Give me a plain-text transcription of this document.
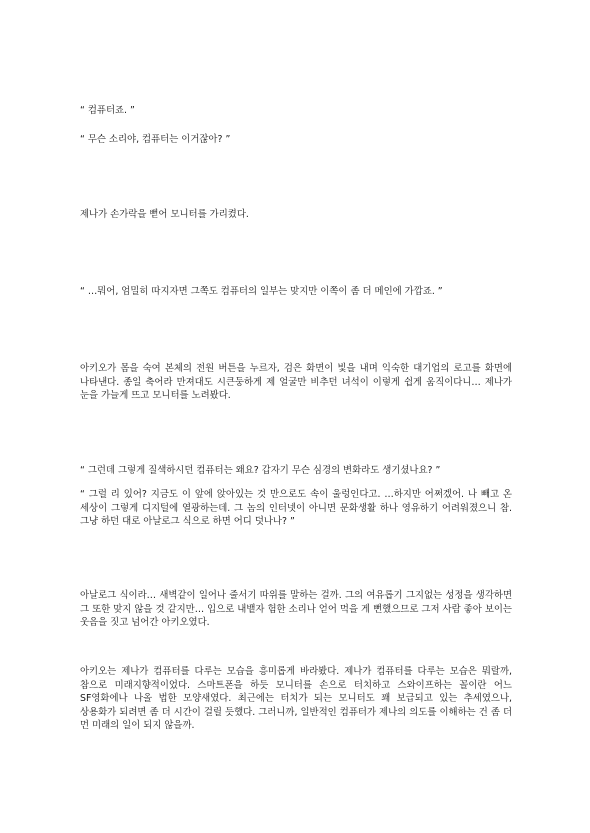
“ 컴퓨터죠. ”

“ 무슨 소리야, 컴퓨터는 이거잖아? ”

제나가 손가락을 뻗어 모니터를 가리켰다.

“ …뭐어, 엄밀히 따지자면 그쪽도 컴퓨터의 일부는 맞지만 이쪽이 좀 더 메인에 가깝죠. ”

아키오가 몸을 숙여 본체의 전원 버튼을 누르자, 검은 화면이 빛을 내며 익숙한 대기업의 로고를 화면에 나타낸다. 종일 축어라 만져대도 시큰둥하게 제 얼굴만 비추던 녀석이 이렇게 쉽게 움직이다니… 제나가 눈을 가늘게 뜨고 모니터를 노려봤다.

“ 그런데 그렇게 질색하시던 컴퓨터는 왜요? 갑자기 무슨 심경의 변화라도 생기셨나요? ”

“ 그럴 리 있어? 지금도 이 앞에 앉아있는 것 만으로도 속이 울렁인다고. …하지만 어쩌겠어. 나 빼고 온 세상이 그렇게 디지털에 열광하는데. 그 놈의 인터넷이 아니면 문화생활 하나 영유하기 어려워졌으니 참. 그냥 하던 대로 아날로그 식으로 하면 어디 덧나나? ”

아날로그 식이라… 새벽같이 일어나 줄서기 따위를 말하는 걸까. 그의 여유롭기 그지없는 성정을 생각하면 그 또한 맞지 않을 것 같지만… 입으로 내뱉자 험한 소리나 얻어 먹을 게 뻔했으므로 그저 사람 좋아 보이는 웃음을 짓고 넘어간 아키오였다.

아키오는 제나가 컴퓨터를 다루는 모습을 흥미롭게 바라봤다. 제나가 컴퓨터를 다루는 모습은 뭐랄까, 참으로 미래지향적이었다. 스마트폰을 하듯 모니터를 손으로 터치하고 스와이프하는 꼴이란 어느 SF영화에나 나올 법한 모양새였다. 최근에는 터치가 되는 모니터도 꽤 보급되고 있는 추세였으나, 상용화가 되려면 좀 더 시간이 걸릴 듯했다. 그러니까, 일반적인 컴퓨터가 제나의 의도를 이해하는 건 좀 더 먼 미래의 일이 되지 않을까.
